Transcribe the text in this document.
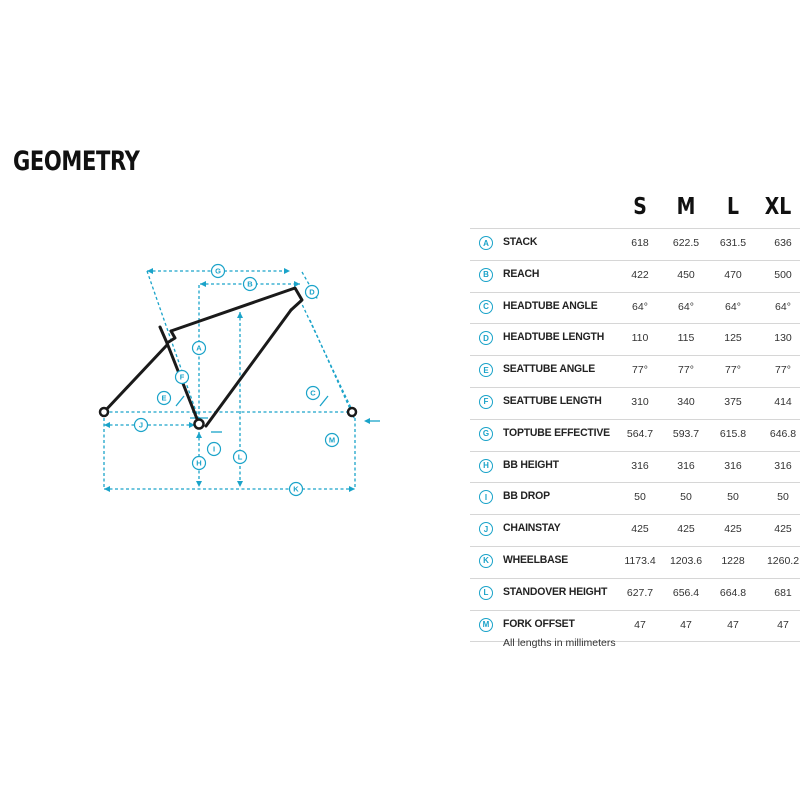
GEOMETRY
A
B
C
D
E
F
G
H
I
J
K
L
M
S	M	L	XL
A	STACK	618	622.5	631.5	636
B	REACH	422	450	470	500
C	HEADTUBE ANGLE	64°	64°	64°	64°
D	HEADTUBE LENGTH	110	115	125	130
E	SEATTUBE ANGLE	77°	77°	77°	77°
F	SEATTUBE LENGTH	310	340	375	414
G	TOPTUBE EFFECTIVE	564.7	593.7	615.8	646.8
H	BB HEIGHT	316	316	316	316
I	BB DROP	50	50	50	50
J	CHAINSTAY	425	425	425	425
K	WHEELBASE	1173.4	1203.6	1228	1260.2
L	STANDOVER HEIGHT	627.7	656.4	664.8	681
M	FORK OFFSET	47	47	47	47
All lengths in millimeters
